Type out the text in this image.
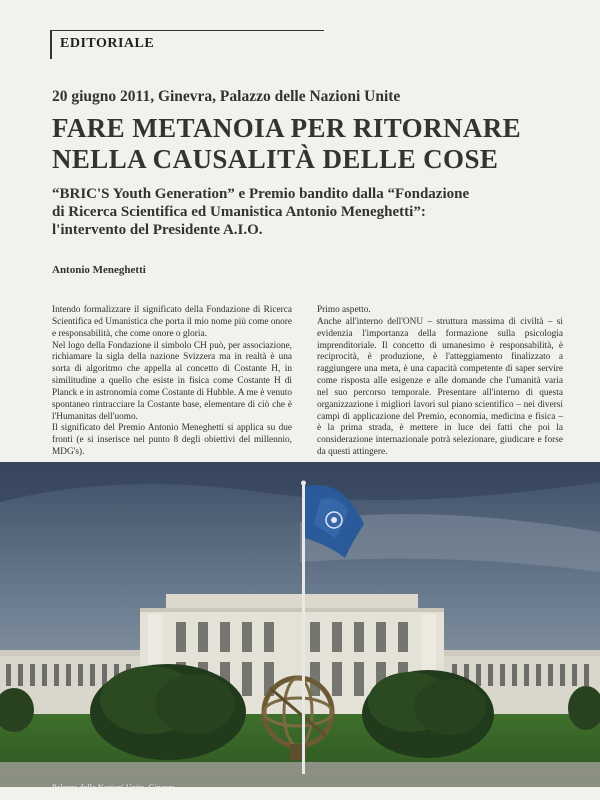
EDITORIALE
20 giugno 2011, Ginevra, Palazzo delle Nazioni Unite
FARE METANOIA PER RITORNARE
NELLA CAUSALITÀ DELLE COSE
“BRIC'S Youth Generation” e Premio bandito dalla “Fondazione
di Ricerca Scientifica ed Umanistica Antonio Meneghetti”:
l'intervento del Presidente A.I.O.
Antonio Meneghetti

Intendo formalizzare il significato della Fondazione di Ricerca Scientifica ed Umanistica che porta il mio nome più come onore e responsabilità, che come onore o gloria.

Nel logo della Fondazione il simbolo CH può, per associazione, richiamare la sigla della nazione Svizzera ma in realtà è una sorta di algoritmo che appella al concetto di Costante H, in similitudine a quello che esiste in fisica come Costante H di Planck e in astronomia come Costante di Hubble. A me è venuto spontaneo rintracciare la Costante base, elementare di ciò che è l'Humanitas dell'uomo.

Il significato del Premio Antonio Meneghetti si applica su due fronti (e si inserisce nel punto 8 degli obiettivi del millennio, MDG's).

Primo aspetto.

Anche all'interno dell'ONU – struttura massima di civiltà – si evidenzia l'importanza della formazione sulla psicologia imprenditoriale. Il concetto di umanesimo è responsabilità, è reciprocità, è produzione, è l'atteggiamento finalizzato a raggiungere una meta, è una capacità competente di saper servire come risposta alle esigenze e alle domande che l'umanità varia nel suo percorso temporale. Presentare all'interno di questa organizzazione i migliori lavori sul piano scientifico – nei diversi campi di applicazione del Premio, economia, medicina e fisica – è la prima strada, è mettere in luce dei fatti che poi la considerazione internazionale potrà selezionare, giudicare e forse da questi attingere.

Palazzo delle Nazioni Unite, Ginevra
